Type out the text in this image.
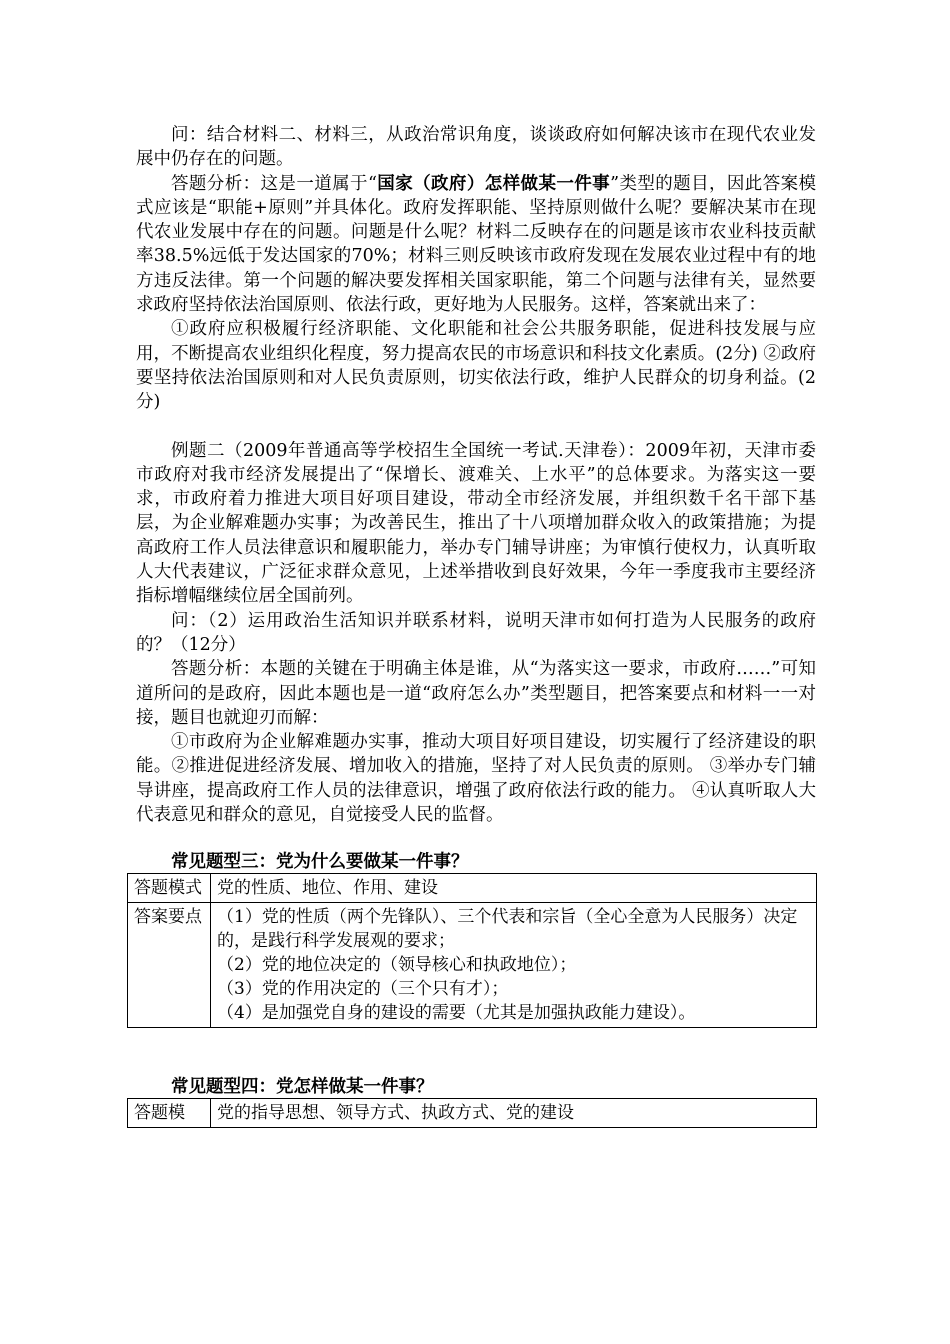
问：结合材料二、材料三，从政治常识角度，谈谈政府如何解决该市在现代农业发展中仍存在的问题。

答题分析：这是一道属于“国家（政府）怎样做某一件事”类型的题目，因此答案模式应该是“职能+原则”并具体化。政府发挥职能、坚持原则做什么呢？要解决某市在现代农业发展中存在的问题。问题是什么呢？材料二反映存在的问题是该市农业科技贡献率38.5%远低于发达国家的70%；材料三则反映该市政府发现在发展农业过程中有的地方违反法律。第一个问题的解决要发挥相关国家职能，第二个问题与法律有关，显然要求政府坚持依法治国原则、依法行政，更好地为人民服务。这样，答案就出来了：

①政府应积极履行经济职能、文化职能和社会公共服务职能，促进科技发展与应用，不断提高农业组织化程度，努力提高农民的市场意识和科技文化素质。(2分) ②政府要坚持依法治国原则和对人民负责原则，切实依法行政，维护人民群众的切身利益。(2分)

例题二（2009年普通高等学校招生全国统一考试.天津卷）：2009年初，天津市委市政府对我市经济发展提出了“保增长、渡难关、上水平”的总体要求。为落实这一要求，市政府着力推进大项目好项目建设，带动全市经济发展，并组织数千名干部下基层，为企业解难题办实事；为改善民生，推出了十八项增加群众收入的政策措施；为提高政府工作人员法律意识和履职能力，举办专门辅导讲座；为审慎行使权力，认真听取人大代表建议，广泛征求群众意见，上述举措收到良好效果，今年一季度我市主要经济指标增幅继续位居全国前列。

问：（2）运用政治生活知识并联系材料，说明天津市如何打造为人民服务的政府的？（12分）

答题分析：本题的关键在于明确主体是谁，从“为落实这一要求，市政府……”可知道所问的是政府，因此本题也是一道“政府怎么办”类型题目，把答案要点和材料一一对接，题目也就迎刃而解：

①市政府为企业解难题办实事，推动大项目好项目建设，切实履行了经济建设的职能。②推进促进经济发展、增加收入的措施，坚持了对人民负责的原则。 ③举办专门辅导讲座，提高政府工作人员的法律意识，增强了政府依法行政的能力。 ④认真听取人大代表意见和群众的意见，自觉接受人民的监督。

常见题型三：党为什么要做某一件事？

答题模式	党的性质、地位、作用、建设
答案要点	（1）党的性质（两个先锋队）、三个代表和宗旨（全心全意为人民服务）决定的，是践行科学发展观的要求；
（2）党的地位决定的（领导核心和执政地位）；
（3）党的作用决定的（三个只有才）；
（4）是加强党自身的建设的需要（尤其是加强执政能力建设）。

常见题型四：党怎样做某一件事？

答题模	党的指导思想、领导方式、执政方式、党的建设
